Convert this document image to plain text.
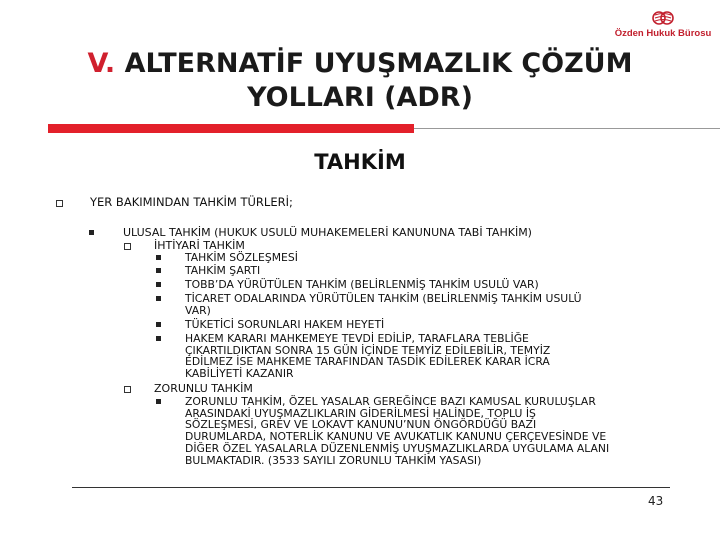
Özden Hukuk Bürosu
V. ALTERNATİF UYUŞMAZLIK ÇÖZÜM
YOLLARI (ADR)
TAHKİM
YER BAKIMINDAN TAHKİM TÜRLERİ;
ULUSAL TAHKİM (HUKUK USULÜ MUHAKEMELERİ KANUNUNA TABİ TAHKİM)
İHTİYARİ TAHKİM
TAHKİM SÖZLEŞMESİ
TAHKİM ŞARTI
TOBB’DA YÜRÜTÜLEN TAHKİM (BELİRLENMİŞ TAHKİM USULÜ VAR)
TİCARET ODALARINDA YÜRÜTÜLEN TAHKİM (BELİRLENMİŞ TAHKİM USULÜ
VAR)
TÜKETİCİ SORUNLARI HAKEM HEYETİ
HAKEM KARARI MAHKEMEYE TEVDİ EDİLİP, TARAFLARA TEBLİĞE
ÇIKARTILDIKTAN SONRA 15 GÜN İÇİNDE TEMYİZ EDİLEBİLİR, TEMYİZ
EDİLMEZ İSE MAHKEME TARAFINDAN TASDİK EDİLEREK KARAR İCRA
KABİLİYETİ KAZANIR
ZORUNLU TAHKİM
ZORUNLU TAHKİM, ÖZEL YASALAR GEREĞİNCE BAZI KAMUSAL KURULUŞLAR
ARASINDAKİ UYUŞMAZLIKLARIN GİDERİLMESİ HALİNDE, TOPLU İŞ
SÖZLEŞMESİ, GREV VE LOKAVT KANUNU’NUN ÖNGÖRDÜĞÜ BAZI
DURUMLARDA, NOTERLİK KANUNU VE AVUKATLIK KANUNU ÇERÇEVESİNDE VE
DİĞER ÖZEL YASALARLA DÜZENLENMİŞ UYUŞMAZLIKLARDA UYGULAMA ALANI
BULMAKTADIR. (3533 SAYILI ZORUNLU TAHKİM YASASI)
43
